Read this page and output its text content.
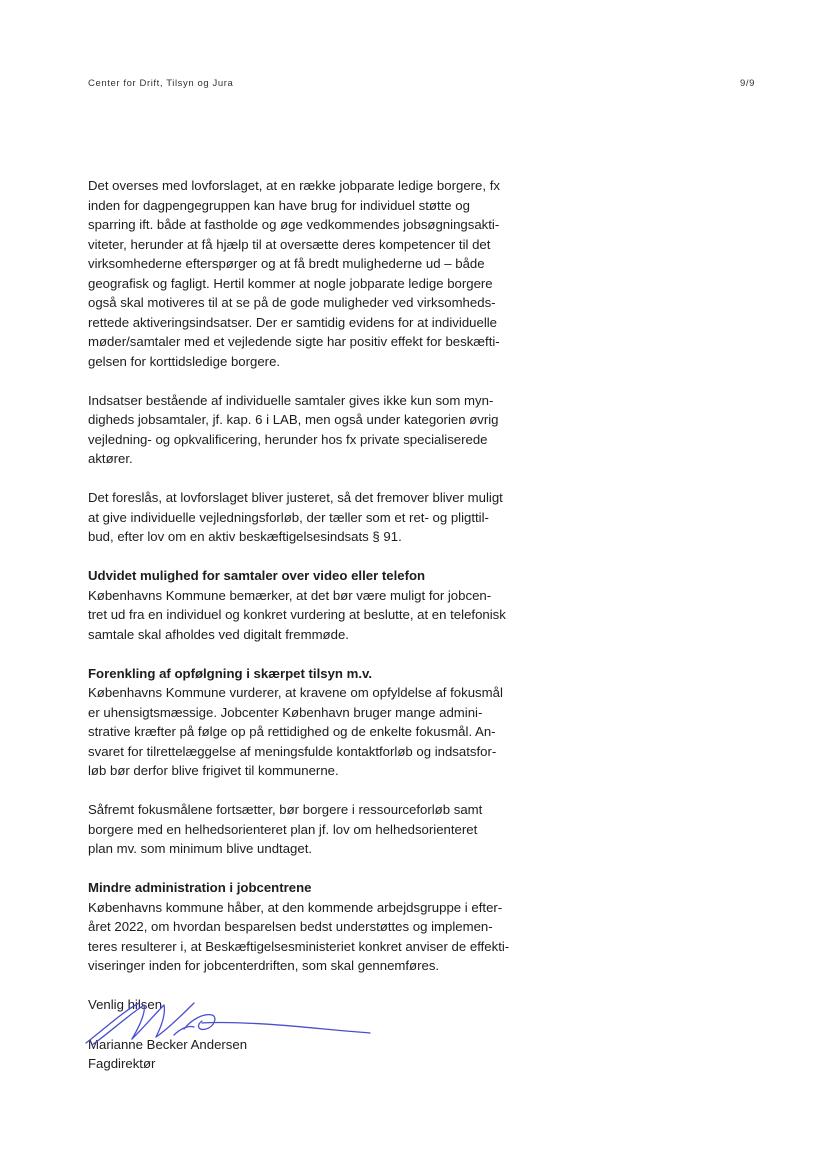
Center for Drift, Tilsyn og Jura	9/9
Det overses med lovforslaget, at en række jobparate ledige borgere, fx
inden for dagpengegruppen kan have brug for individuel støtte og
sparring ift. både at fastholde og øge vedkommendes jobsøgningsakti-
viteter, herunder at få hjælp til at oversætte deres kompetencer til det
virksomhederne efterspørger og at få bredt mulighederne ud – både
geografisk og fagligt. Hertil kommer at nogle jobparate ledige borgere
også skal motiveres til at se på de gode muligheder ved virksomheds-
rettede aktiveringsindsatser. Der er samtidig evidens for at individuelle
møder/samtaler med et vejledende sigte har positiv effekt for beskæfti-
gelsen for korttidsledige borgere.
Indsatser bestående af individuelle samtaler gives ikke kun som myn-
digheds jobsamtaler, jf. kap. 6 i LAB, men også under kategorien øvrig
vejledning- og opkvalificering, herunder hos fx private specialiserede
aktører.
Det foreslås, at lovforslaget bliver justeret, så det fremover bliver muligt
at give individuelle vejledningsforløb, der tæller som et ret- og pligttil-
bud, efter lov om en aktiv beskæftigelsesindsats § 91.
Udvidet mulighed for samtaler over video eller telefon
Københavns Kommune bemærker, at det bør være muligt for jobcen-
tret ud fra en individuel og konkret vurdering at beslutte, at en telefonisk
samtale skal afholdes ved digitalt fremmøde.
Forenkling af opfølgning i skærpet tilsyn m.v.
Københavns Kommune vurderer, at kravene om opfyldelse af fokusmål
er uhensigtsmæssige. Jobcenter København bruger mange admini-
strative kræfter på følge op på rettidighed og de enkelte fokusmål. An-
svaret for tilrettelæggelse af meningsfulde kontaktforløb og indsatsfor-
løb bør derfor blive frigivet til kommunerne.
Såfremt fokusmålene fortsætter, bør borgere i ressourceforløb samt
borgere med en helhedsorienteret plan jf. lov om helhedsorienteret
plan mv. som minimum blive undtaget.
Mindre administration i jobcentrene
Københavns kommune håber, at den kommende arbejdsgruppe i efter-
året 2022, om hvordan besparelsen bedst understøttes og implemen-
teres resulterer i, at Beskæftigelsesministeriet konkret anviser de effekti-
viseringer inden for jobcenterdriften, som skal gennemføres.
Venlig hilsen
Marianne Becker Andersen
Fagdirektør
